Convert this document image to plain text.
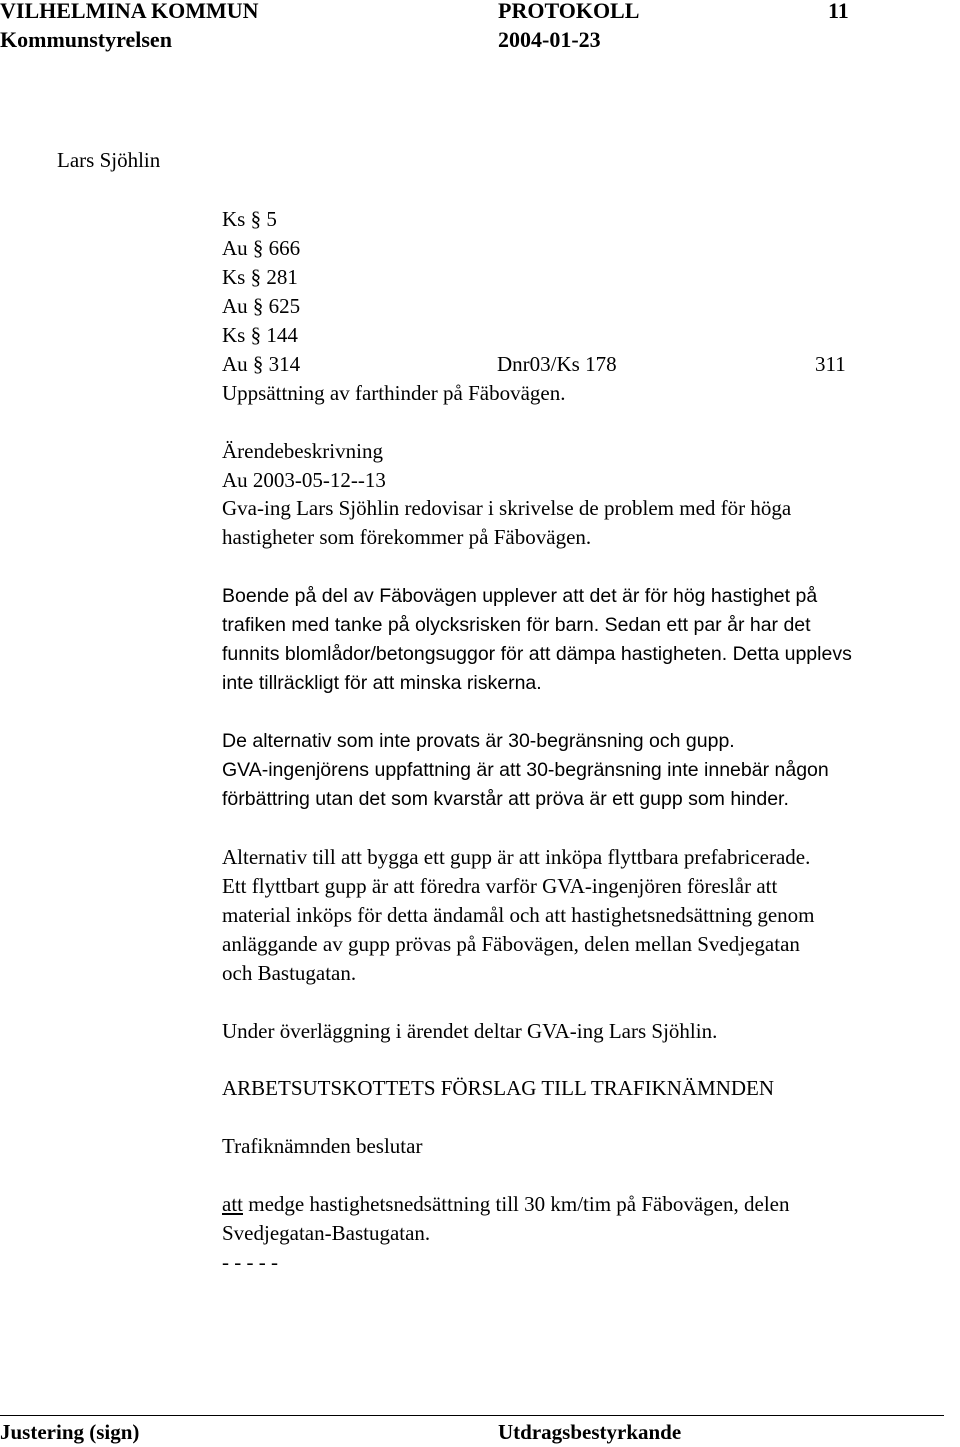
VILHELMINA KOMMUN	PROTOKOLL	11
Kommunstyrelsen	2004-01-23
Lars Sjöhlin
Ks § 5
Au § 666
Ks § 281
Au § 625
Ks § 144
Au § 314	Dnr03/Ks 178	311
Uppsättning av farthinder på Fäbovägen.
Ärendebeskrivning
Au 2003-05-12--13
Gva-ing Lars Sjöhlin redovisar i skrivelse de problem med för höga
hastigheter som förekommer på Fäbovägen.
Boende på del av Fäbovägen upplever att det är för hög hastighet på
trafiken med tanke på olycksrisken för barn. Sedan ett par år har det
funnits blomlådor/betongsuggor för att dämpa hastigheten. Detta upplevs
inte tillräckligt för att minska riskerna.
De alternativ som inte provats är 30-begränsning och gupp.
GVA-ingenjörens uppfattning är att 30-begränsning inte innebär någon
förbättring utan det som kvarstår att pröva är ett gupp som hinder.
Alternativ till att bygga ett gupp är att inköpa flyttbara prefabricerade.
Ett flyttbart gupp är att föredra varför GVA-ingenjören föreslår att
material inköps för detta ändamål och att hastighetsnedsättning genom
anläggande av gupp prövas på Fäbovägen, delen mellan Svedjegatan
och Bastugatan.
Under överläggning i ärendet deltar GVA-ing Lars Sjöhlin.
ARBETSUTSKOTTETS FÖRSLAG TILL TRAFIKNÄMNDEN
Trafiknämnden beslutar
att medge hastighetsnedsättning till 30 km/tim på Fäbovägen, delen
Svedjegatan-Bastugatan.
- - - - -
Justering (sign)	Utdragsbestyrkande
